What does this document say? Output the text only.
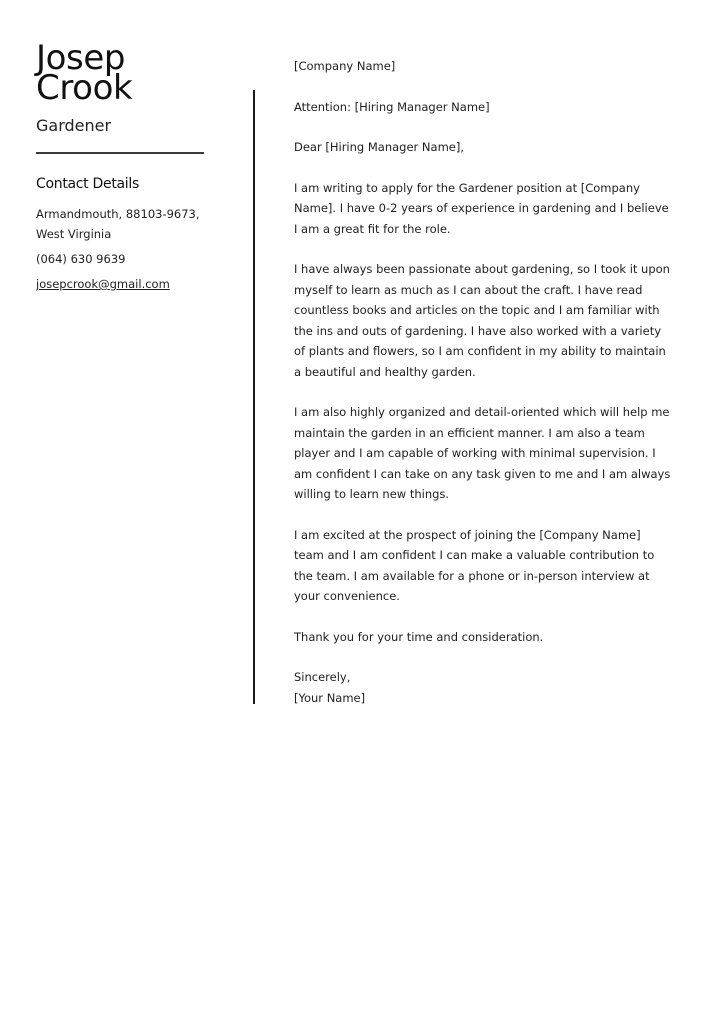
Josep
Crook
Gardener
Contact Details
Armandmouth, 88103-9673, West Virginia
(064) 630 9639
josepcrook@gmail.com

[Company Name]

Attention: [Hiring Manager Name]

Dear [Hiring Manager Name],

I am writing to apply for the Gardener position at [Company Name]. I have 0-2 years of experience in gardening and I believe I am a great fit for the role.

I have always been passionate about gardening, so I took it upon myself to learn as much as I can about the craft. I have read countless books and articles on the topic and I am familiar with the ins and outs of gardening. I have also worked with a variety of plants and flowers, so I am confident in my ability to maintain a beautiful and healthy garden.

I am also highly organized and detail-oriented which will help me maintain the garden in an efficient manner. I am also a team player and I am capable of working with minimal supervision. I am confident I can take on any task given to me and I am always willing to learn new things.

I am excited at the prospect of joining the [Company Name] team and I am confident I can make a valuable contribution to the team. I am available for a phone or in-person interview at your convenience.

Thank you for your time and consideration.

Sincerely,

[Your Name]
